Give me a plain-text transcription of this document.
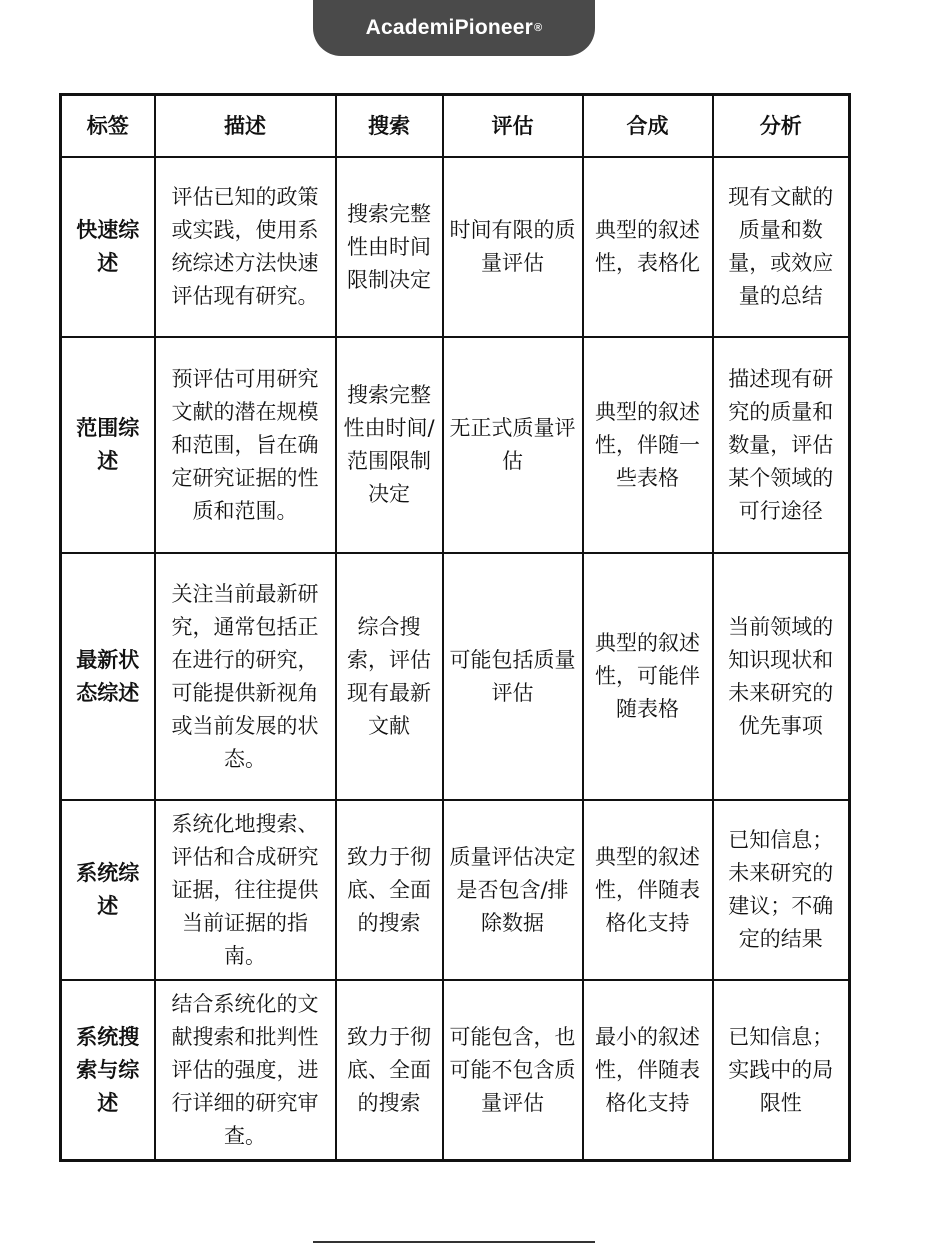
AcademiPioneer ®
标签	描述	搜索	评估	合成	分析
快速综述	评估已知的政策或实践，使用系统综述方法快速评估现有研究。	搜索完整性由时间限制决定	时间有限的质量评估	典型的叙述性，表格化	现有文献的质量和数量，或效应量的总结
范围综述	预评估可用研究文献的潜在规模和范围，旨在确定研究证据的性质和范围。	搜索完整性由时间/范围限制决定	无正式质量评估	典型的叙述性，伴随一些表格	描述现有研究的质量和数量，评估某个领域的可行途径
最新状态综述	关注当前最新研究，通常包括正在进行的研究，可能提供新视角或当前发展的状态。	综合搜索，评估现有最新文献	可能包括质量评估	典型的叙述性，可能伴随表格	当前领域的知识现状和未来研究的优先事项
系统综述	系统化地搜索、评估和合成研究证据，往往提供当前证据的指南。	致力于彻底、全面的搜索	质量评估决定是否包含/排除数据	典型的叙述性，伴随表格化支持	已知信息；未来研究的建议；不确定的结果
系统搜索与综述	结合系统化的文献搜索和批判性评估的强度，进行详细的研究审查。	致力于彻底、全面的搜索	可能包含，也可能不包含质量评估	最小的叙述性，伴随表格化支持	已知信息；实践中的局限性
